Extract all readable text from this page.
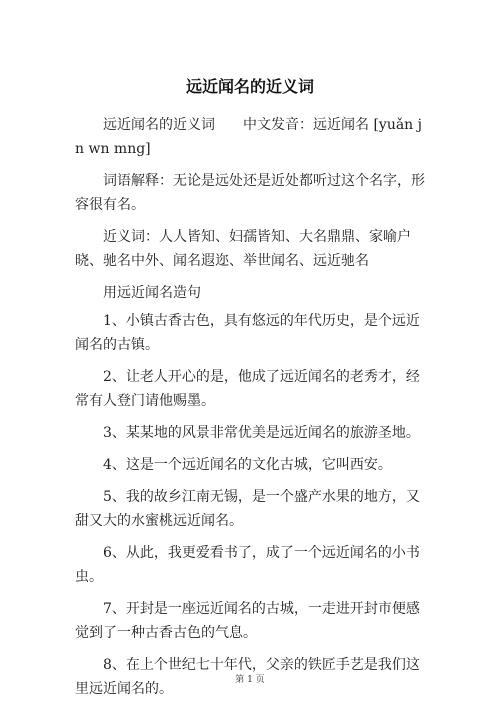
远近闻名的近义词

远近闻名的近义词　　中文发音：远近闻名 [yuǎn jn wn mng]

词语解释：无论是远处还是近处都听过这个名字，形容很有名。

近义词：人人皆知、妇孺皆知、大名鼎鼎、家喻户晓、驰名中外、闻名遐迩、举世闻名、远近驰名

用远近闻名造句

1、小镇古香古色，具有悠远的年代历史，是个远近闻名的古镇。

2、让老人开心的是，他成了远近闻名的老秀才，经常有人登门请他赐墨。

3、某某地的风景非常优美是远近闻名的旅游圣地。

4、这是一个远近闻名的文化古城，它叫西安。

5、我的故乡江南无锡，是一个盛产水果的地方，又甜又大的水蜜桃远近闻名。

6、从此，我更爱看书了，成了一个远近闻名的小书虫。

7、开封是一座远近闻名的古城，一走进开封市便感觉到了一种古香古色的气息。

8、在上个世纪七十年代，父亲的铁匠手艺是我们这里远近闻名的。

第 1 页
